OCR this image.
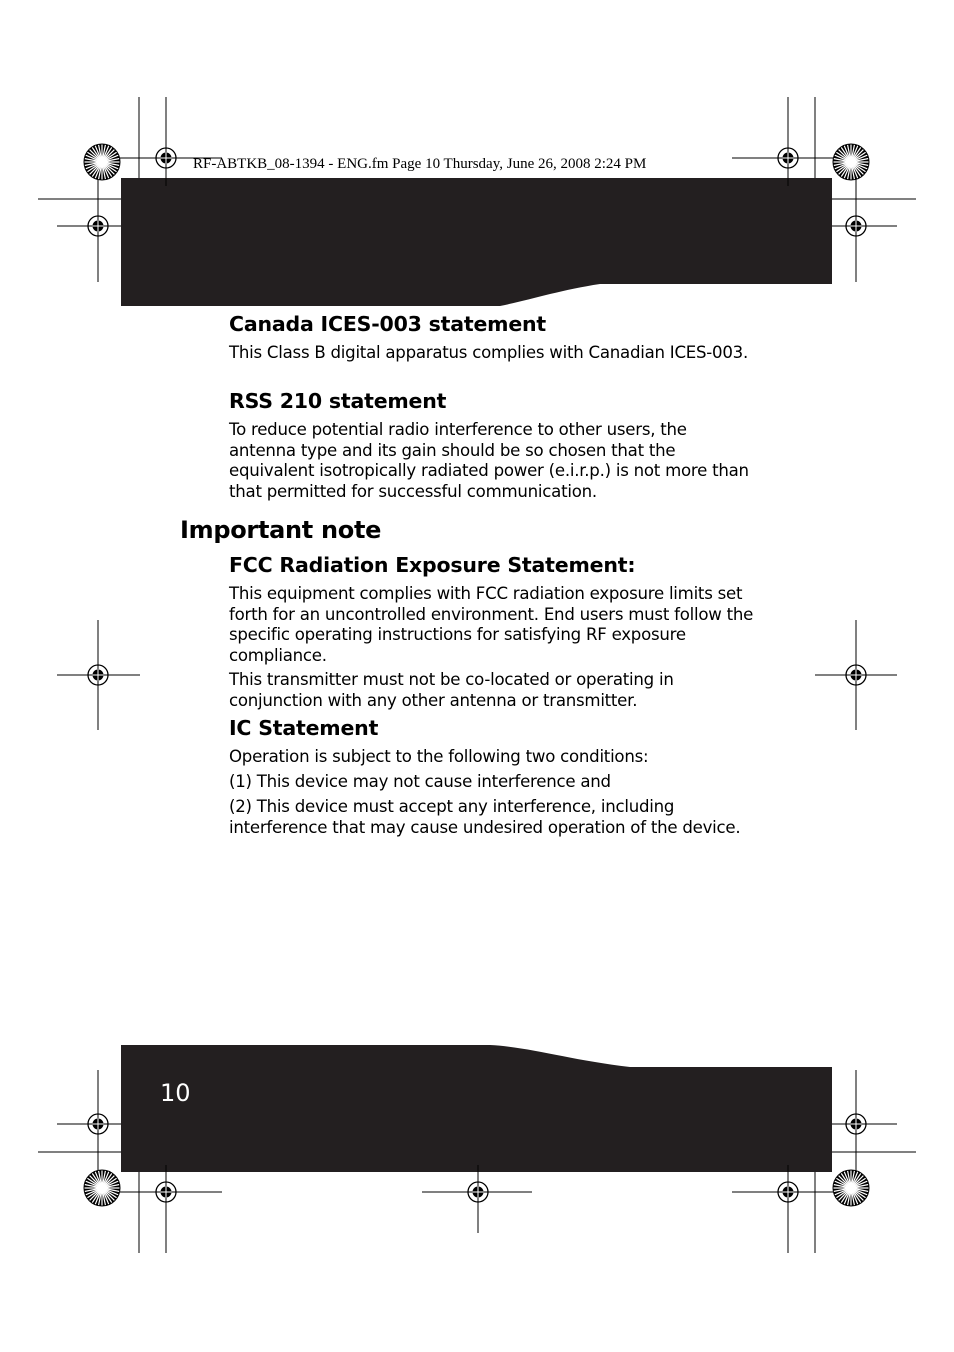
RF-ABTKB_08-1394 - ENG.fm Page 10 Thursday, June 26, 2008 2:24 PM
Canada ICES-003 statement
This Class B digital apparatus complies with Canadian ICES-003.
RSS 210 statement
To reduce potential radio interference to other users, the antenna type and its gain should be so chosen that the equivalent isotropically radiated power (e.i.r.p.) is not more than that permitted for successful communication.
Important note
FCC Radiation Exposure Statement:
This equipment complies with FCC radiation exposure limits set forth for an uncontrolled environment. End users must follow the specific operating instructions for satisfying RF exposure compliance.
This transmitter must not be co-located or operating in conjunction with any other antenna or transmitter.
IC Statement
Operation is subject to the following two conditions:
(1) This device may not cause interference and
(2) This device must accept any interference, including interference that may cause undesired operation of the device.
10
